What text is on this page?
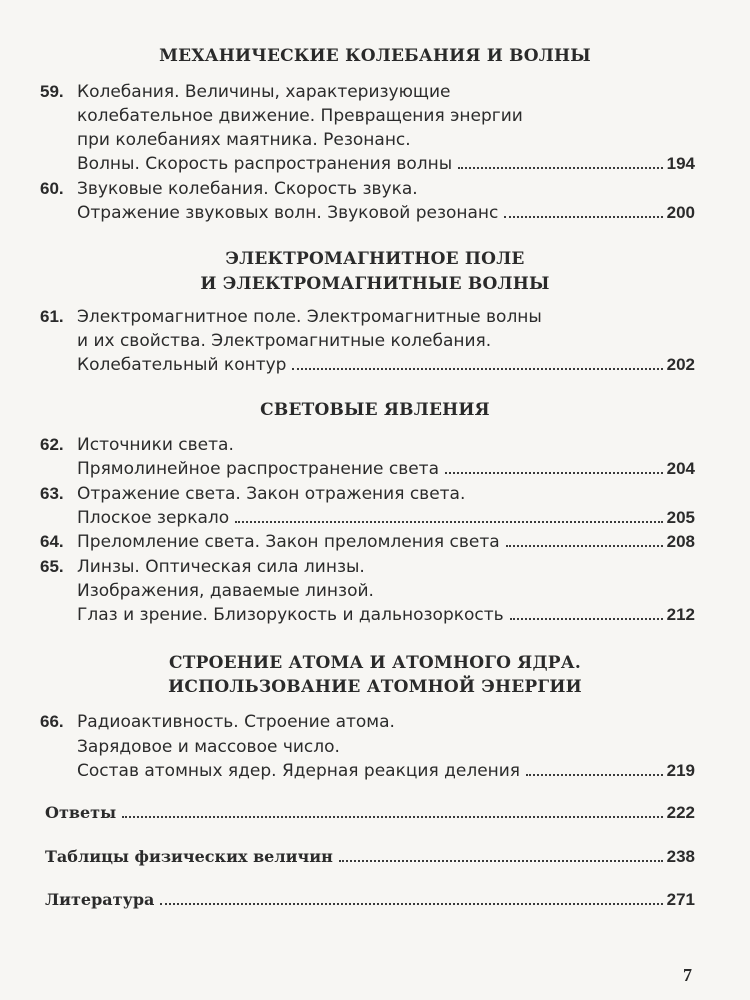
МЕХАНИЧЕСКИЕ КОЛЕБАНИЯ И ВОЛНЫ
59. Колебания. Величины, характеризующие
колебательное движение. Превращения энергии
при колебаниях маятника. Резонанс.
Волны. Скорость распространения волны	194
60. Звуковые колебания. Скорость звука.
Отражение звуковых волн. Звуковой резонанс	200
ЭЛЕКТРОМАГНИТНОЕ ПОЛЕ
И ЭЛЕКТРОМАГНИТНЫЕ ВОЛНЫ
61. Электромагнитное поле. Электромагнитные волны
и их свойства. Электромагнитные колебания.
Колебательный контур	202
СВЕТОВЫЕ ЯВЛЕНИЯ
62. Источники света.
Прямолинейное распространение света	204
63. Отражение света. Закон отражения света.
Плоское зеркало	205
64. Преломление света. Закон преломления света	208
65. Линзы. Оптическая сила линзы.
Изображения, даваемые линзой.
Глаз и зрение. Близорукость и дальнозоркость	212
СТРОЕНИЕ АТОМА И АТОМНОГО ЯДРА.
ИСПОЛЬЗОВАНИЕ АТОМНОЙ ЭНЕРГИИ
66. Радиоактивность. Строение атома.
Зарядовое и массовое число.
Состав атомных ядер. Ядерная реакция деления	219
Ответы	222
Таблицы физических величин	238
Литература	271
7
